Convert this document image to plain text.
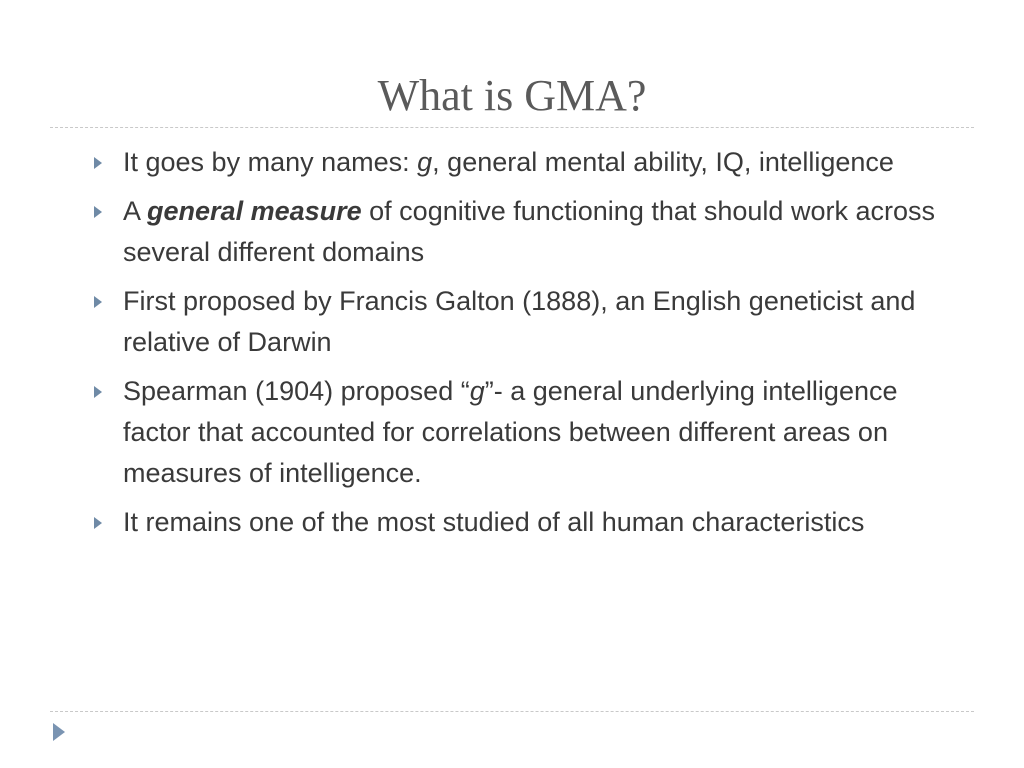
What is GMA?
It goes by many names: g, general mental ability, IQ, intelligence
A general measure of cognitive functioning that should work across several different domains
First proposed by Francis Galton (1888), an English geneticist and relative of Darwin
Spearman (1904) proposed “g”- a general underlying intelligence factor that accounted for correlations between different areas on measures of intelligence.
It remains one of the most studied of all human characteristics
